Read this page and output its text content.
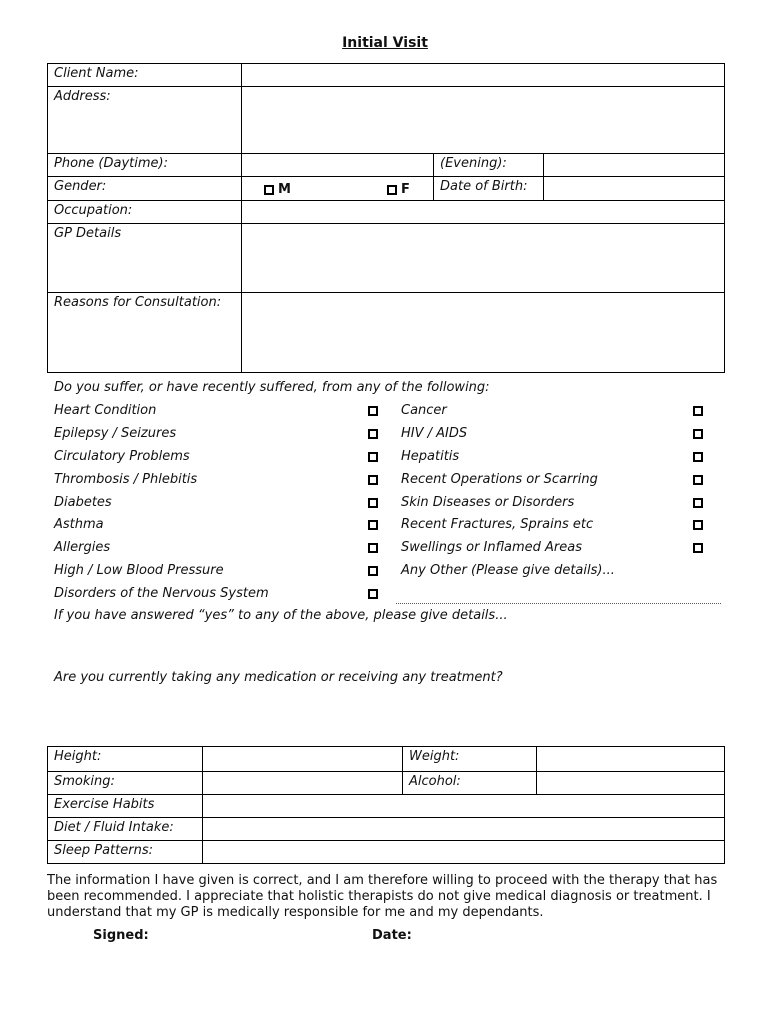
Initial Visit
Client Name:			
Address:			
Phone (Daytime):		(Evening):	
Gender:	M F	Date of Birth:	
Occupation:			
GP Details			
Reasons for Consultation:			
Do you suffer, or have recently suffered, from any of the following:
Heart Condition
Epilepsy / Seizures
Circulatory Problems
Thrombosis / Phlebitis
Diabetes
Asthma
Allergies
High / Low Blood Pressure
Disorders of the Nervous System
Cancer
HIV / AIDS
Hepatitis
Recent Operations or Scarring
Skin Diseases or Disorders
Recent Fractures, Sprains etc
Swellings or Inflamed Areas
Any Other (Please give details)...
If you have answered “yes” to any of the above, please give details...
Are you currently taking any medication or receiving any treatment?
Height:		Weight:	
Smoking:		Alcohol:	
Exercise Habits			
Diet / Fluid Intake:			
Sleep Patterns:			
The information I have given is correct, and I am therefore willing to proceed with the therapy that has been recommended. I appreciate that holistic therapists do not give medical diagnosis or treatment. I understand that my GP is medically responsible for me and my dependants.
Signed:	Date:
